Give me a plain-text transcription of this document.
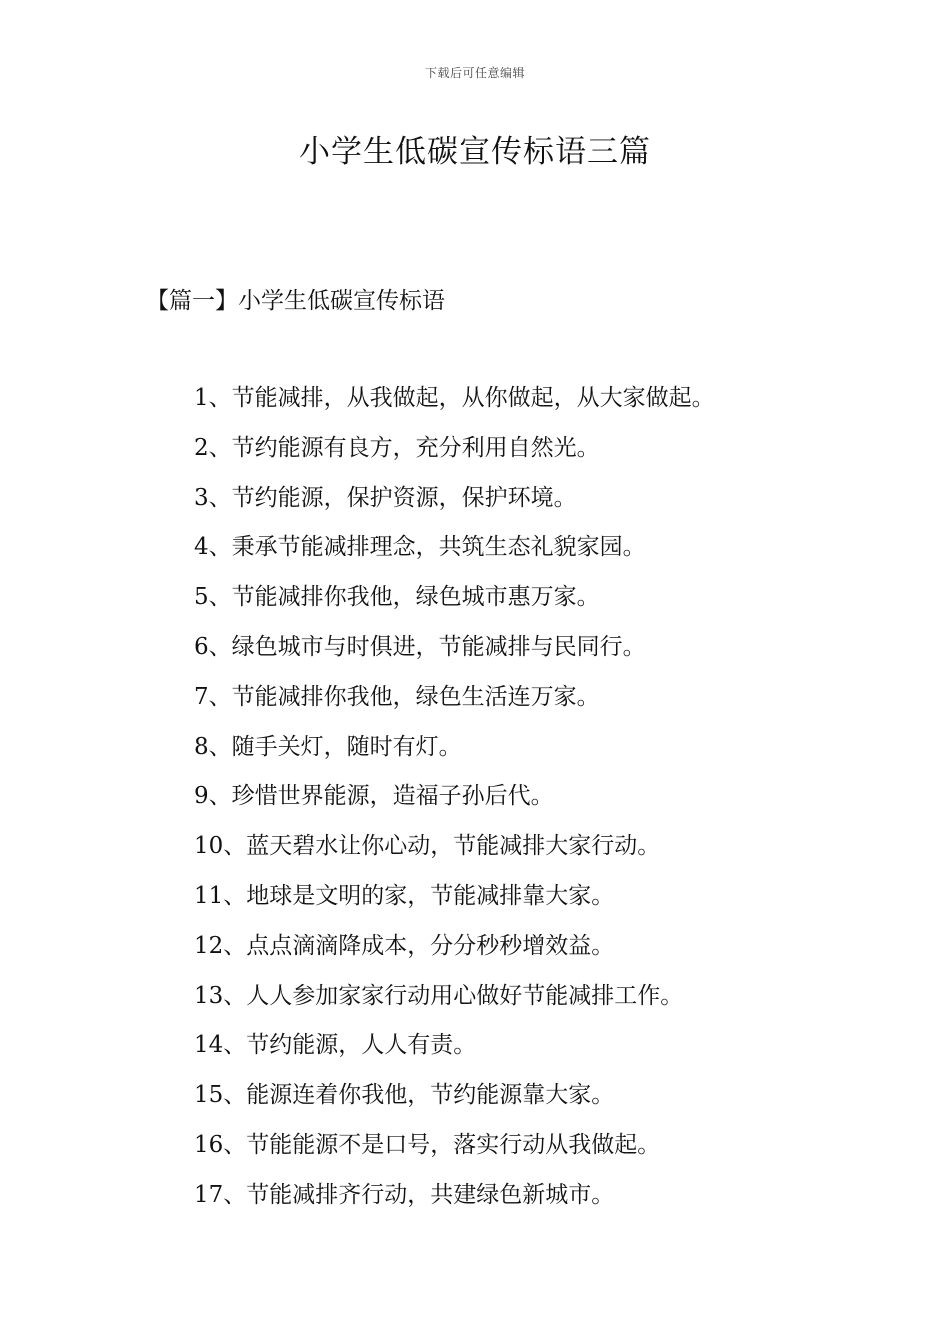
下载后可任意编辑
小学生低碳宣传标语三篇
【篇一】小学生低碳宣传标语
1、节能减排，从我做起，从你做起，从大家做起。
2、节约能源有良方，充分利用自然光。
3、节约能源，保护资源，保护环境。
4、秉承节能减排理念，共筑生态礼貌家园。
5、节能减排你我他，绿色城市惠万家。
6、绿色城市与时俱进，节能减排与民同行。
7、节能减排你我他，绿色生活连万家。
8、随手关灯，随时有灯。
9、珍惜世界能源，造福子孙后代。
10、蓝天碧水让你心动，节能减排大家行动。
11、地球是文明的家，节能减排靠大家。
12、点点滴滴降成本，分分秒秒增效益。
13、人人参加家家行动用心做好节能减排工作。
14、节约能源，人人有责。
15、能源连着你我他，节约能源靠大家。
16、节能能源不是口号，落实行动从我做起。
17、节能减排齐行动，共建绿色新城市。
